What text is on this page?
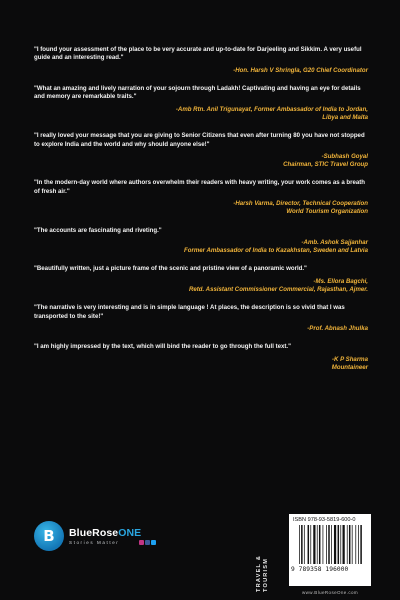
"I found your assessment of the place to be very accurate and up-to-date for Darjeeling and Sikkim. A very useful guide and an interesting read."

-Hon. Harsh V Shringla, G20 Chief Coordinator

"What an amazing and lively narration of your sojourn through Ladakh! Captivating and having an eye for details and memory are remarkable traits."

-Amb Rtn. Anil Trigunayat, Former Ambassador of India to Jordan,
Libya and Malta

"I really loved your message that you are giving to Senior Citizens that even after turning 80 you have not stopped to explore India and the world and why should anyone else!"

-Subhash Goyal
Chairman, STIC Travel Group

"In the modern-day world where authors overwhelm their readers with heavy writing, your work comes as a breath of fresh air."

-Harsh Varma, Director, Technical Cooperation
World Tourism Organization

"The accounts are fascinating and riveting."

-Amb. Ashok Sajjanhar
Former Ambassador of India to Kazakhstan, Sweden and Latvia

"Beautifully written, just a picture frame of the scenic and pristine view of a panoramic world."

-Ms. Ellora Bagchi,
Retd. Assistant Commissioner Commercial, Rajasthan, Ajmer.

"The narrative is very interesting and is in simple language ! At places, the description is so vivid that I was transported to the site!"

-Prof. Abnash Jhulka

"I am highly impressed by the text, which will bind the reader to go through the full text."

-K P Sharma
Mountaineer

B	BlueRoseONE
Stories Matter
TRAVEL &
TOURISM
ISBN 978-93-5819-600-0
9 789358 196000
www.BlueRoseOne.com
